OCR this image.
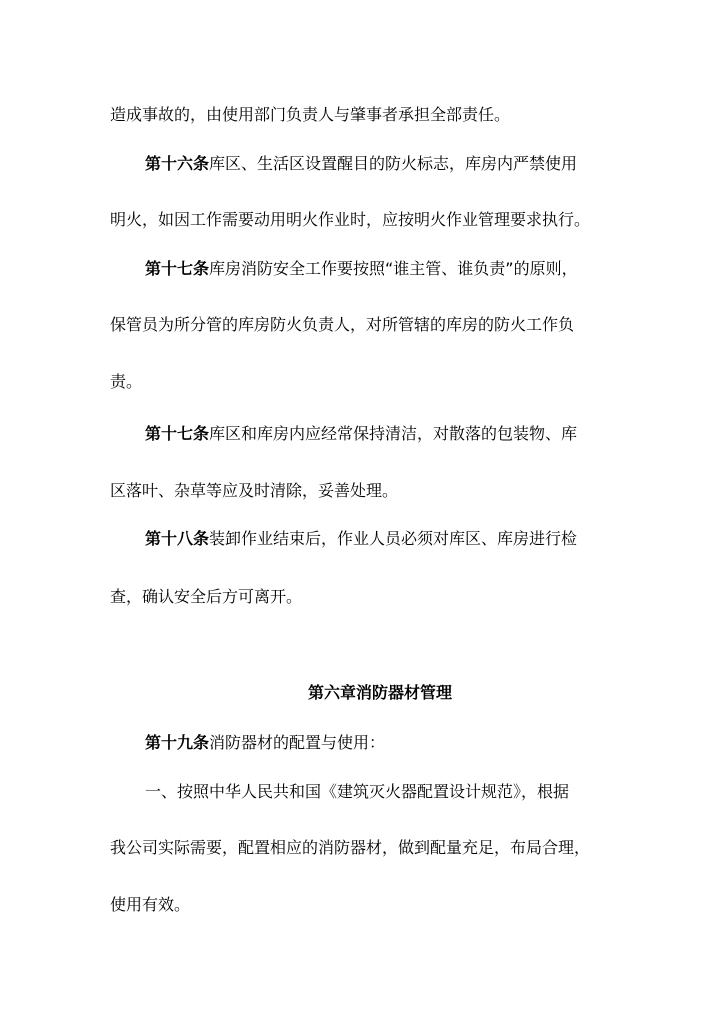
造成事故的，由使用部门负责人与肇事者承担全部责任。
第十六条库区、生活区设置醒目的防火标志，库房内严禁使用
明火，如因工作需要动用明火作业时，应按明火作业管理要求执行。
第十七条库房消防安全工作要按照“谁主管、谁负责”的原则，
保管员为所分管的库房防火负责人，对所管辖的库房的防火工作负
责。
第十七条库区和库房内应经常保持清洁，对散落的包装物、库
区落叶、杂草等应及时清除，妥善处理。
第十八条装卸作业结束后，作业人员必须对库区、库房进行检
查，确认安全后方可离开。
第六章消防器材管理
第十九条消防器材的配置与使用：
一、按照中华人民共和国《建筑灭火器配置设计规范》，根据
我公司实际需要，配置相应的消防器材，做到配量充足，布局合理，
使用有效。
